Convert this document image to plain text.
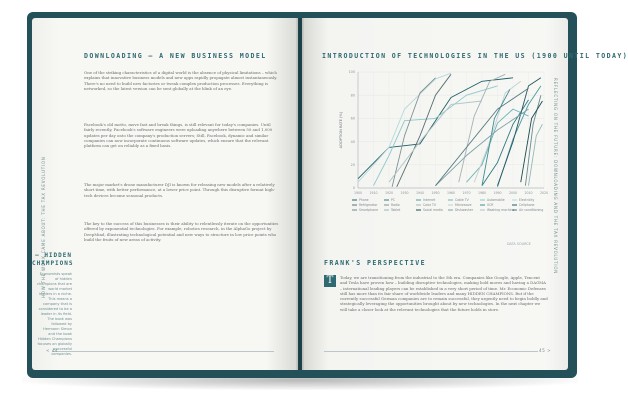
HOW THE WORK CAME ABOUT: THE TAX REVOLUTION
DOWNLOADING – A NEW BUSINESS MODEL

One of the striking characteristics of a digital world is the absence of physical limitations – which explains that innovative business models and new apps rapidly propagate almost instantaneously. There's no need to build new factories or tweak complex production processes. Everything is networked, so the latest version can be sent globally at the blink of an eye.

Facebook's old motto, move fast and break things, is still relevant for today's companies. Until fairly recently, Facebook's software engineers were uploading anywhere between 50 and 1,000 updates per day onto the company's production servers; Still, Facebook, dynamic and similar companies can now incorporate continuous software updates, which ensure that the relevant platform can get on reliably as a fixed basis.

The major market's drone manufacturer DJI is known for releasing new models after a relatively short time, with better performance, at a lower price point. Through this disruptive format high-tech devices become seasonal products.

The key to the success of this businesses is their ability to relentlessly iterate on the opportunities offered by exponential technologies. For example, robotics research, in the AlphaGo project by DeepMind, illustrating technological potential and new ways to structure in low price points who build the fruits of new areas of activity.

– HIDDEN CHAMPIONS
Economists speak of hidden champions that are world market leaders in a niche. This means a company that is considered to be a leader in its field. The book was followed by Hermann Simon and the book Hidden Champions focuses on globally successful companies.
< 44
REFLECTING ON THE FUTURE: DOWNLOADING AND THE TAX REVOLUTION
INTRODUCTION OF TECHNOLOGIES IN THE US (1900 UNTIL TODAY)
0
20
40
60
80
100
1900 1910 1920 1930 1940 1950 1960 1970 1980 1990 2000 2010 2020
ADOPTION RATE (%)
Phone	PC	Internet	Cable TV	Automobile	Electricity
Refrigerator	Radio	Color TV	Microwave	VCR	Cellphone
Smartphone	Tablet	Social media	Dishwasher	Washing machine Air conditioning
DATA SOURCE
FRANK'S PERSPECTIVE
T	Today, we are transitioning from the industrial to the 5th era. Companies like Google, Apple, Tencent and Tesla have proven how – building disruptive technologies, making bold moves and having a DAGMA – international leading players can be established in a very short period of time. Mr. Economic Defenses still has more than its fair share of worldwide leaders and many HIDDEN CHAMPIONS. But if the currently successful German companies are to remain successful, they urgently need to begin boldly and strategically leveraging the opportunities brought about by new technologies. In the next chapter we will take a closer look at the relevant technologies that the future holds in store.

45 >
